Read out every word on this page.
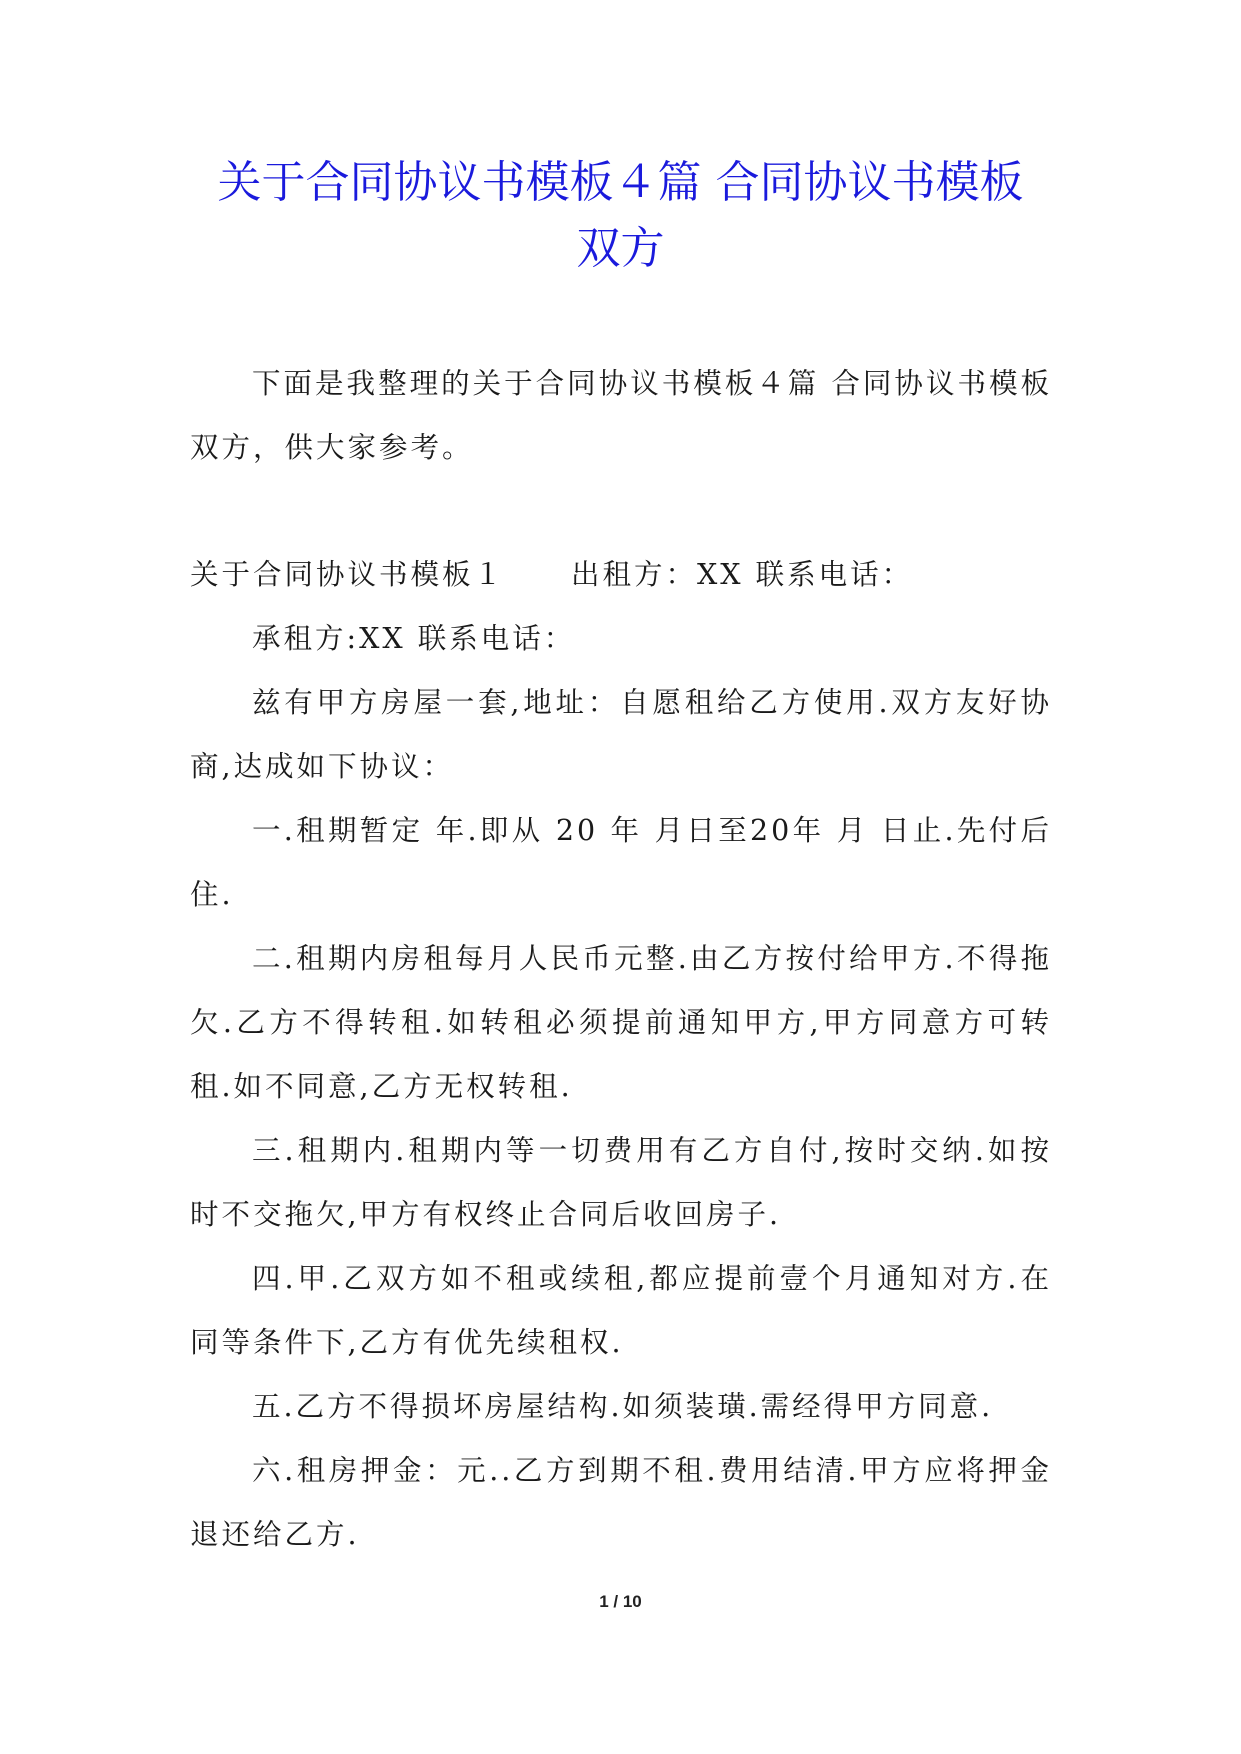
关于合同协议书模板４篇 合同协议书模板
双方

下面是我整理的关于合同协议书模板４篇 合同协议书模板双方，供大家参考。

关于合同协议书模板１ 出租方：XX 联系电话：

承租方:XX 联系电话：

兹有甲方房屋一套,地址：自愿租给乙方使用.双方友好协商,达成如下协议：

一.租期暂定 年.即从 20 年 月日至20年 月 日止.先付后住.

二.租期内房租每月人民币元整.由乙方按付给甲方.不得拖欠.乙方不得转租.如转租必须提前通知甲方,甲方同意方可转租.如不同意,乙方无权转租.

三.租期内.租期内等一切费用有乙方自付,按时交纳.如按时不交拖欠,甲方有权终止合同后收回房子.

四.甲.乙双方如不租或续租,都应提前壹个月通知对方.在同等条件下,乙方有优先续租权.

五.乙方不得损坏房屋结构.如须装璜.需经得甲方同意.

六.租房押金：元..乙方到期不租.费用结清.甲方应将押金退还给乙方.

1 / 10
